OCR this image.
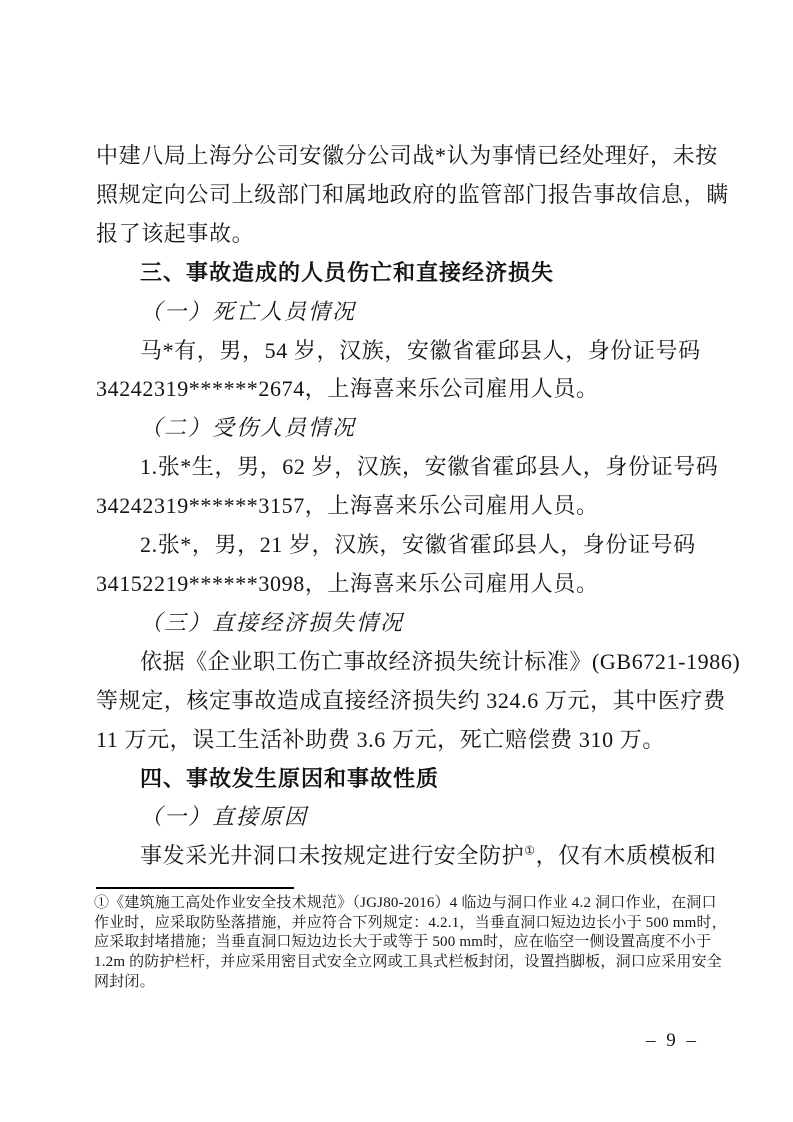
中建八局上海分公司安徽分公司战*认为事情已经处理好，未按
照规定向公司上级部门和属地政府的监管部门报告事故信息，瞒
报了该起事故。
三、事故造成的人员伤亡和直接经济损失
（一）死亡人员情况
马*有，男，54 岁，汉族，安徽省霍邱县人，身份证号码
34242319******2674，上海喜来乐公司雇用人员。
（二）受伤人员情况
1.张*生，男，62 岁，汉族，安徽省霍邱县人，身份证号码
34242319******3157，上海喜来乐公司雇用人员。
2.张*，男，21 岁，汉族，安徽省霍邱县人，身份证号码
34152219******3098，上海喜来乐公司雇用人员。
（三）直接经济损失情况
依据《企业职工伤亡事故经济损失统计标准》(GB6721-1986)
等规定，核定事故造成直接经济损失约 324.6 万元，其中医疗费
11 万元，误工生活补助费 3.6 万元，死亡赔偿费 310 万。
四、事故发生原因和事故性质
（一）直接原因
事发采光井洞口未按规定进行安全防护①，仅有木质模板和
①《建筑施工高处作业安全技术规范》（JGJ80-2016）4 临边与洞口作业 4.2 洞口作业，在洞口
作业时，应采取防坠落措施，并应符合下列规定：4.2.1，当垂直洞口短边边长小于 500 mm时，
应采取封堵措施；当垂直洞口短边边长大于或等于 500 mm时，应在临空一侧设置高度不小于
1.2m 的防护栏杆，并应采用密目式安全立网或工具式栏板封闭，设置挡脚板，洞口应采用安全
网封闭。
– 9 –
